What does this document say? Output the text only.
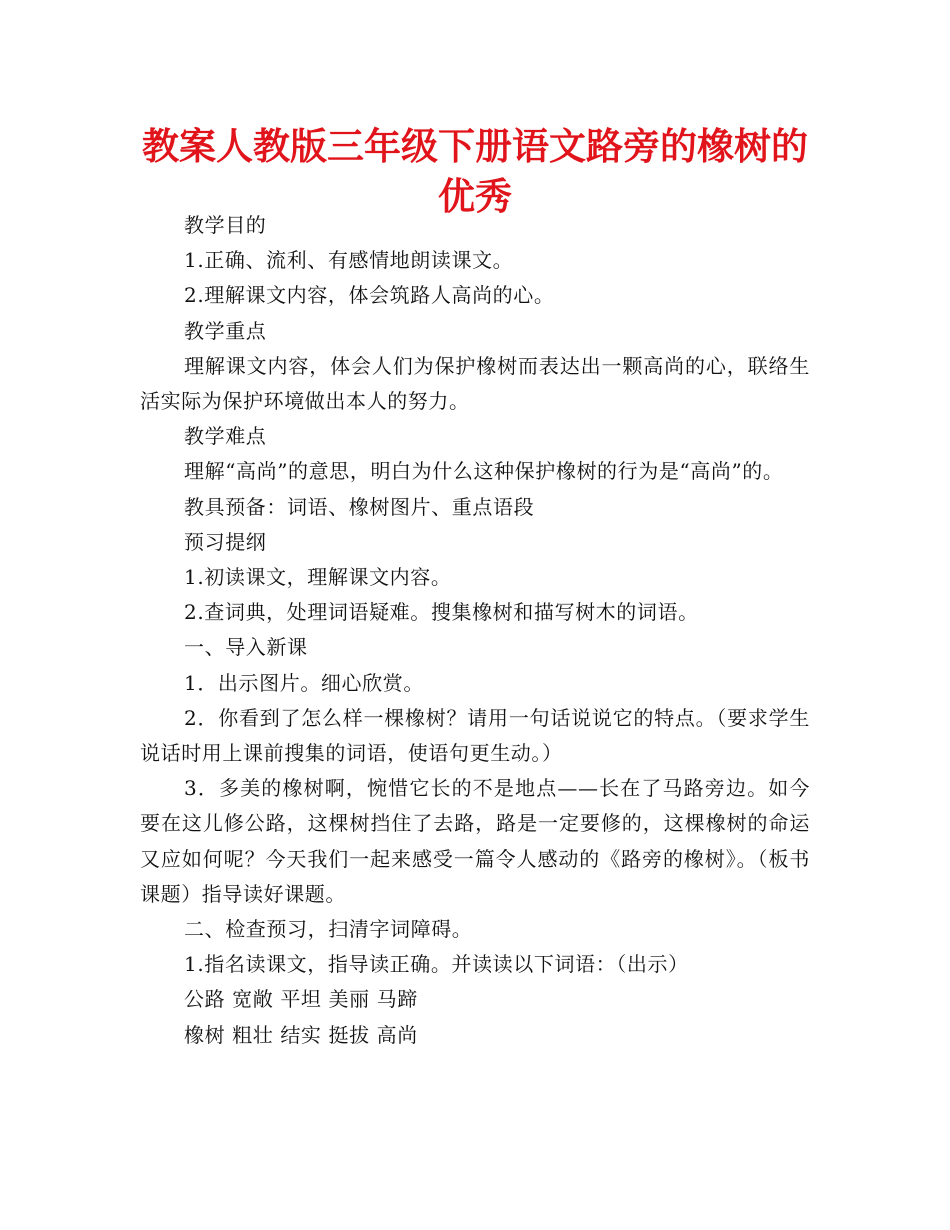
教案人教版三年级下册语文路旁的橡树的优秀

教学目的

1.正确、流利、有感情地朗读课文。

2.理解课文内容，体会筑路人高尚的心。

教学重点

理解课文内容，体会人们为保护橡树而表达出一颗高尚的心，联络生活实际为保护环境做出本人的努力。

教学难点

理解“高尚”的意思，明白为什么这种保护橡树的行为是“高尚”的。

教具预备：词语、橡树图片、重点语段

预习提纲

1.初读课文，理解课文内容。

2.查词典，处理词语疑难。搜集橡树和描写树木的词语。

一、导入新课

1．出示图片。细心欣赏。

2．你看到了怎么样一棵橡树？请用一句话说说它的特点。（要求学生说话时用上课前搜集的词语，使语句更生动。）

3．多美的橡树啊，惋惜它长的不是地点——长在了马路旁边。如今要在这儿修公路，这棵树挡住了去路，路是一定要修的，这棵橡树的命运又应如何呢？今天我们一起来感受一篇令人感动的《路旁的橡树》。（板书课题）指导读好课题。

二、检查预习，扫清字词障碍。

1.指名读课文，指导读正确。并读读以下词语：（出示）

公路 宽敞 平坦 美丽 马蹄

橡树 粗壮 结实 挺拔 高尚
